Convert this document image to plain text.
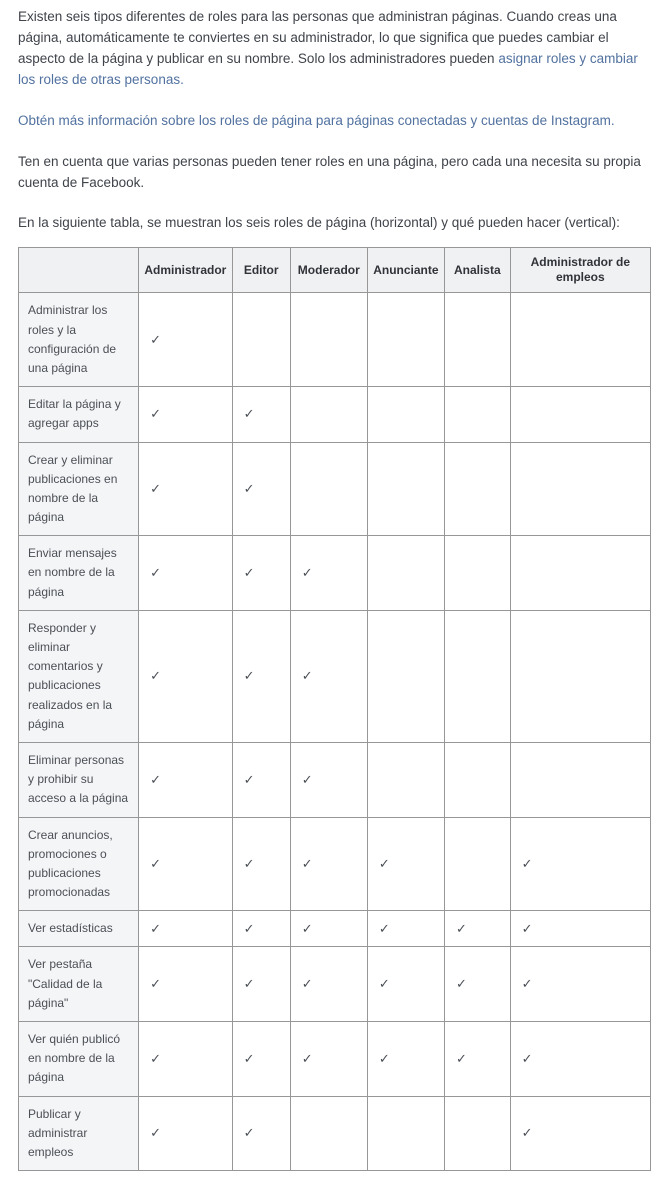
Existen seis tipos diferentes de roles para las personas que administran páginas. Cuando creas una página, automáticamente te conviertes en su administrador, lo que significa que puedes cambiar el aspecto de la página y publicar en su nombre. Solo los administradores pueden asignar roles y cambiar los roles de otras personas.

Obtén más información sobre los roles de página para páginas conectadas y cuentas de Instagram.

Ten en cuenta que varias personas pueden tener roles en una página, pero cada una necesita su propia cuenta de Facebook.

En la siguiente tabla, se muestran los seis roles de página (horizontal) y qué pueden hacer (vertical):

	Administrador	Editor	Moderador	Anunciante	Analista	Administrador de empleos
Administrar los roles y la configuración de una página	✓					
Editar la página y agregar apps	✓	✓				
Crear y eliminar publicaciones en nombre de la página	✓	✓				
Enviar mensajes en nombre de la página	✓	✓	✓			
Responder y eliminar comentarios y publicaciones realizados en la página	✓	✓	✓			
Eliminar personas y prohibir su acceso a la página	✓	✓	✓			
Crear anuncios, promociones o publicaciones promocionadas	✓	✓	✓	✓		✓
Ver estadísticas	✓	✓	✓	✓	✓	✓
Ver pestaña "Calidad de la página"	✓	✓	✓	✓	✓	✓
Ver quién publicó en nombre de la página	✓	✓	✓	✓	✓	✓
Publicar y administrar empleos	✓	✓				✓
